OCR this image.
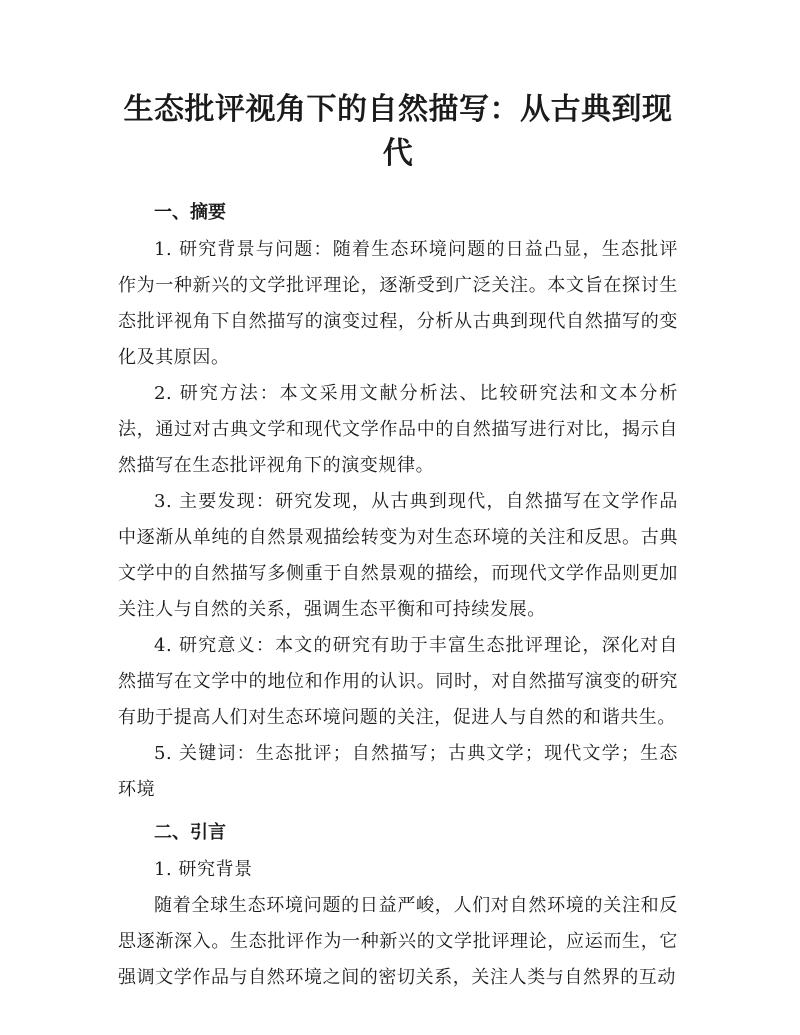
生态批评视角下的自然描写：从古典到现代
一、摘要

1. 研究背景与问题：随着生态环境问题的日益凸显，生态批评作为一种新兴的文学批评理论，逐渐受到广泛关注。本文旨在探讨生态批评视角下自然描写的演变过程，分析从古典到现代自然描写的变化及其原因。

2. 研究方法：本文采用文献分析法、比较研究法和文本分析法，通过对古典文学和现代文学作品中的自然描写进行对比，揭示自然描写在生态批评视角下的演变规律。

3. 主要发现：研究发现，从古典到现代，自然描写在文学作品中逐渐从单纯的自然景观描绘转变为对生态环境的关注和反思。古典文学中的自然描写多侧重于自然景观的描绘，而现代文学作品则更加关注人与自然的关系，强调生态平衡和可持续发展。

4. 研究意义：本文的研究有助于丰富生态批评理论，深化对自然描写在文学中的地位和作用的认识。同时，对自然描写演变的研究有助于提高人们对生态环境问题的关注，促进人与自然的和谐共生。

5. 关键词：生态批评；自然描写；古典文学；现代文学；生态环境

二、引言

1. 研究背景

随着全球生态环境问题的日益严峻，人们对自然环境的关注和反思逐渐深入。生态批评作为一种新兴的文学批评理论，应运而生，它强调文学作品与自然环境之间的密切关系，关注人类与自然界的互动
